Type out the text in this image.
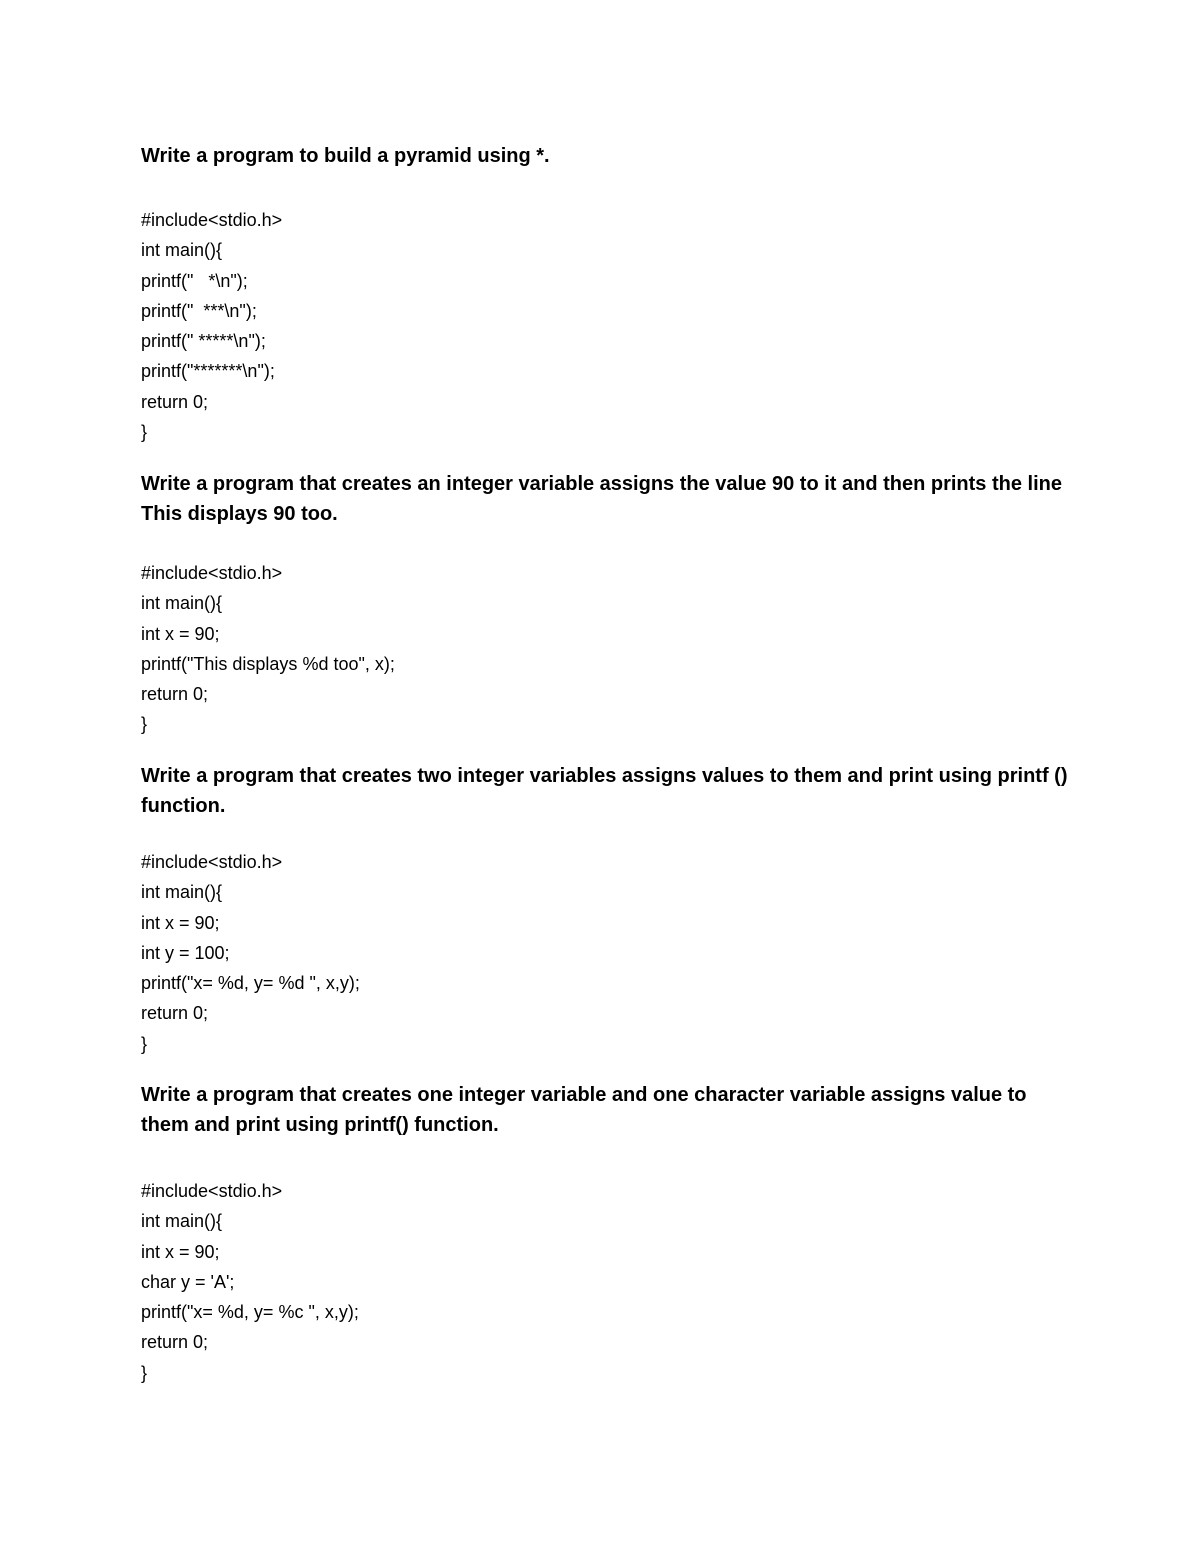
Write a program to build a pyramid using *.

#include<stdio.h>
int main(){
printf("   *\n");
printf("  ***\n");
printf(" *****\n");
printf("*******\n");
return 0;
}

Write a program that creates an integer variable assigns the value 90 to it and then prints the line This displays 90 too.

#include<stdio.h>
int main(){
int x = 90;
printf("This displays %d too", x);
return 0;
}

Write a program that creates two integer variables assigns values to them and print using printf () function.

#include<stdio.h>
int main(){
int x = 90;
int y = 100;
printf("x= %d, y= %d ", x,y);
return 0;
}

Write a program that creates one integer variable and one character variable assigns value to them and print using printf() function.

#include<stdio.h>
int main(){
int x = 90;
char y = 'A';
printf("x= %d, y= %c ", x,y);
return 0;
}
